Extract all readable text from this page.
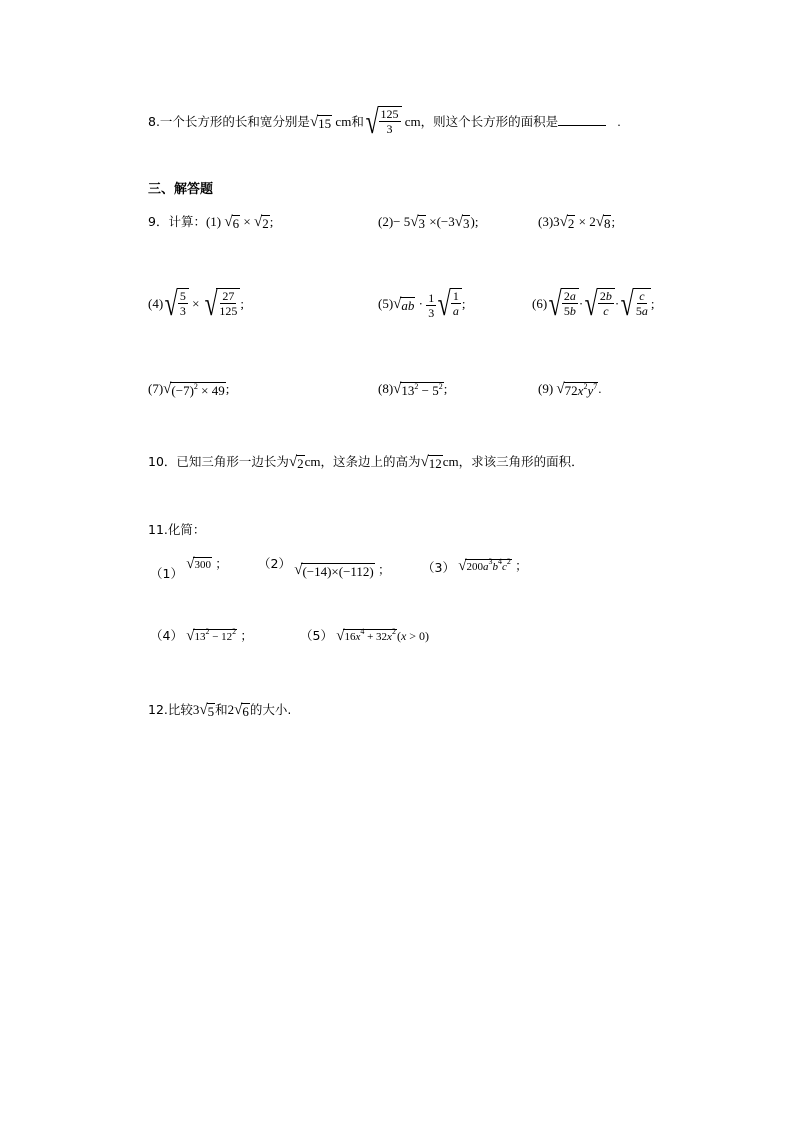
8.一个长方形的长和宽分别是 √ 15 cm和 √ $\frac{125}{3}$ cm，则这个长方形的面积是	.
三、解答题
9．计算：(1) √ 6 × √ 2 ;	(2)− 5 √ 3 ×(−3 √ 3 );	(3)3 √ 2 × 2 √ 8 ;
(4) √ $\frac{5}{3}$ × √ $\frac{27}{125}$ ;	(5) √ ab · $\frac{1}{3}$ √ $\frac{1}{a}$ ;	(6) √ $\frac{2a}{5b}$ · √ $\frac{2b}{c}$ · √ $\frac{c}{5a}$ ;
(7) √ $(-7)^2 \times 49$ ;	(8) √ $13^2 - 5^2$ ;	(9) √ $72x^2y^7$ .
10．已知三角形一边长为 √ 2 cm，这条边上的高为 √ 12 cm，求该三角形的面积．
11.化简：
（1）
√ 300 ； （2） √ (−14)×(−112) ；	（3） √ $200a^3b^4c^2$ ；
（4） √ $13^2 - 12^2$ ；	（5） √ $16x^4 + 32x^2$ (x > 0)
12.比较3 √ 5 和2 √ 6 的大小.
